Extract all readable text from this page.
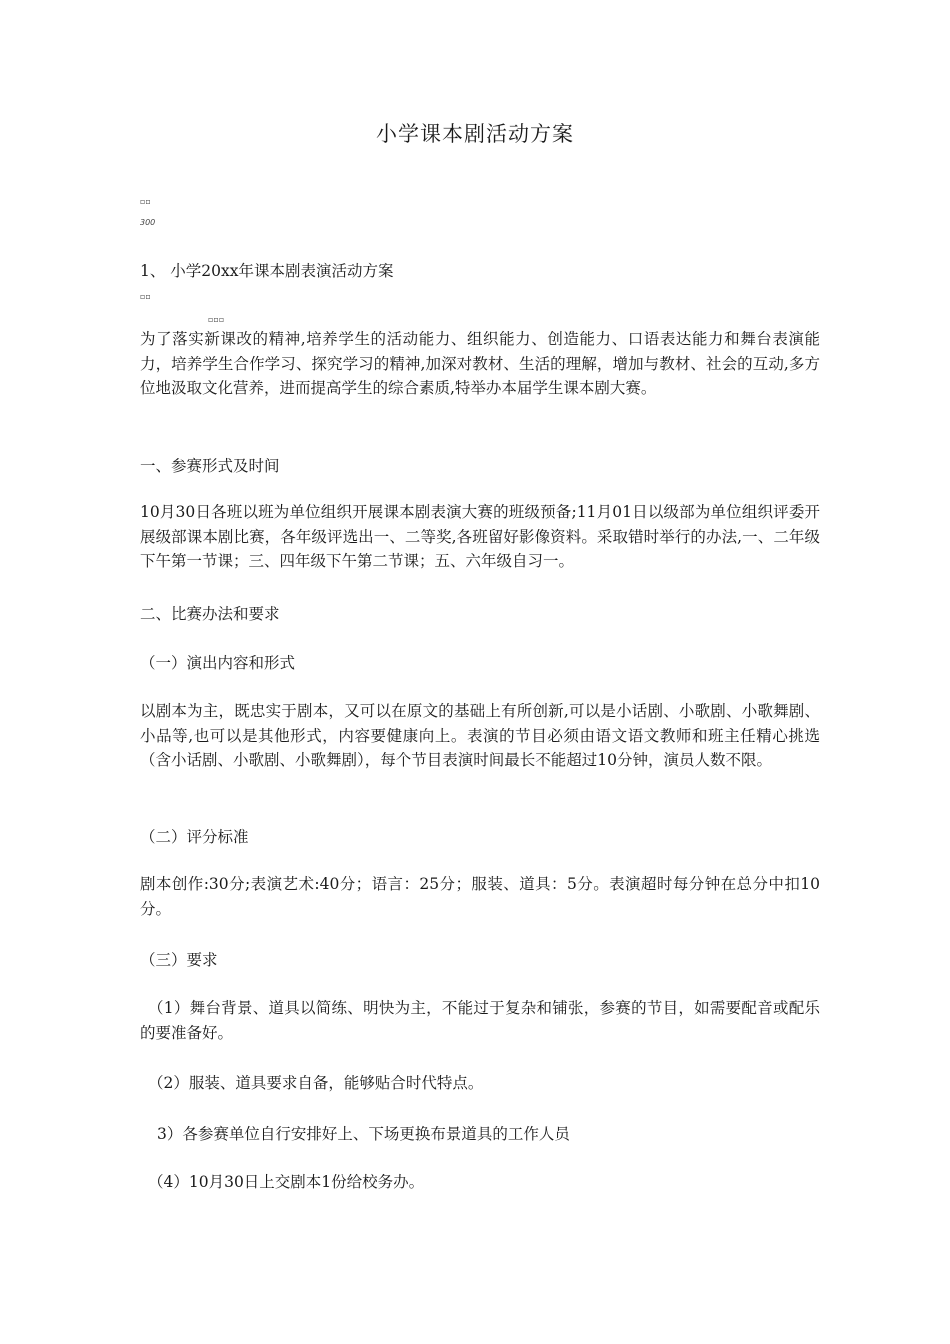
小学课本剧活动方案
▫▫
300
1、 小学20xx年课本剧表演活动方案
▫▫
▫▫▫
为了落实新课改的精神,培养学生的活动能力、组织能力、创造能力、口语表达能力和舞台表演能力，培养学生合作学习、探究学习的精神,加深对教材、生活的理解，增加与教材、社会的互动,多方位地汲取文化营养，进而提高学生的综合素质,特举办本届学生课本剧大赛。
一、参赛形式及时间
10月30日各班以班为单位组织开展课本剧表演大赛的班级预备;11月01日以级部为单位组织评委开展级部课本剧比赛，各年级评选出一、二等奖,各班留好影像资料。采取错时举行的办法,一、二年级下午第一节课；三、四年级下午第二节课；五、六年级自习一。
二、比赛办法和要求
（一）演出内容和形式
以剧本为主，既忠实于剧本，又可以在原文的基础上有所创新,可以是小话剧、小歌剧、小歌舞剧、小品等,也可以是其他形式，内容要健康向上。表演的节目必须由语文语文教师和班主任精心挑选（含小话剧、小歌剧、小歌舞剧），每个节目表演时间最长不能超过10分钟，演员人数不限。
（二）评分标准
剧本创作:30分;表演艺术:40分；语言：25分；服装、道具：5分。表演超时每分钟在总分中扣10分。
（三）要求
（1）舞台背景、道具以简练、明快为主，不能过于复杂和铺张，参赛的节目，如需要配音或配乐的要准备好。
（2）服装、道具要求自备，能够贴合时代特点。
3）各参赛单位自行安排好上、下场更换布景道具的工作人员
（4）10月30日上交剧本1份给校务办。
